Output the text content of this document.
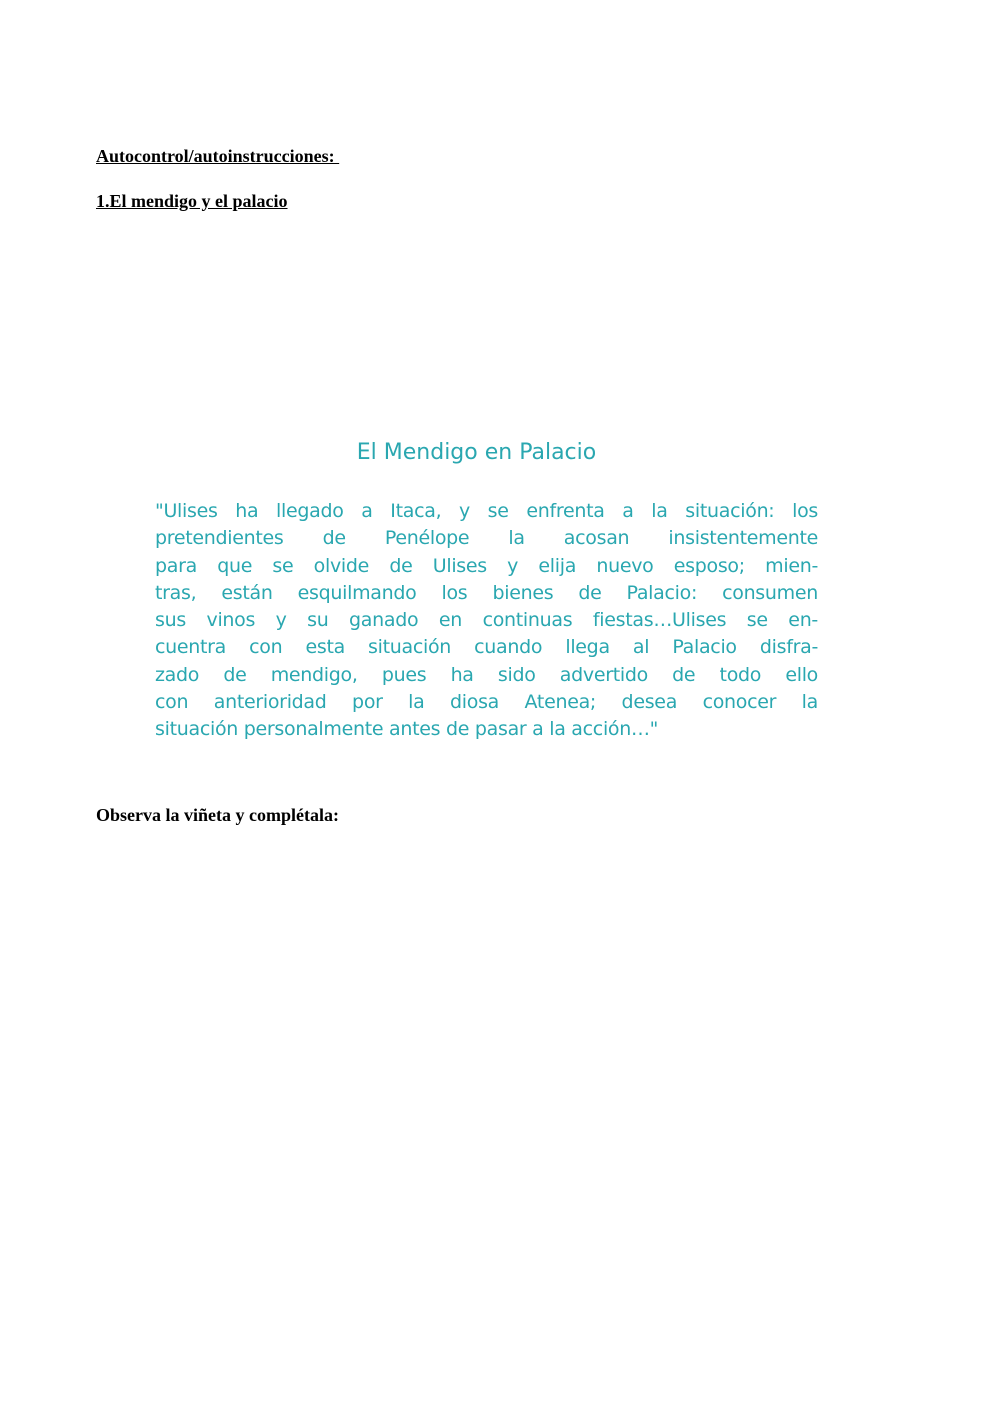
Autocontrol/autoinstrucciones:
1.El mendigo y el palacio
El Mendigo en Palacio
"Ulises ha llegado a Itaca, y se enfrenta a la situación: los
pretendientes de Penélope la acosan insistentemente
para que se olvide de Ulises y elija nuevo esposo; mien-
tras, están esquilmando los bienes de Palacio: consumen
sus vinos y su ganado en continuas fiestas…Ulises se en-
cuentra con esta situación cuando llega al Palacio disfra-
zado de mendigo, pues ha sido advertido de todo ello
con anterioridad por la diosa Atenea; desea conocer la
situación personalmente antes de pasar a la acción…"
Observa la viñeta y complétala:
